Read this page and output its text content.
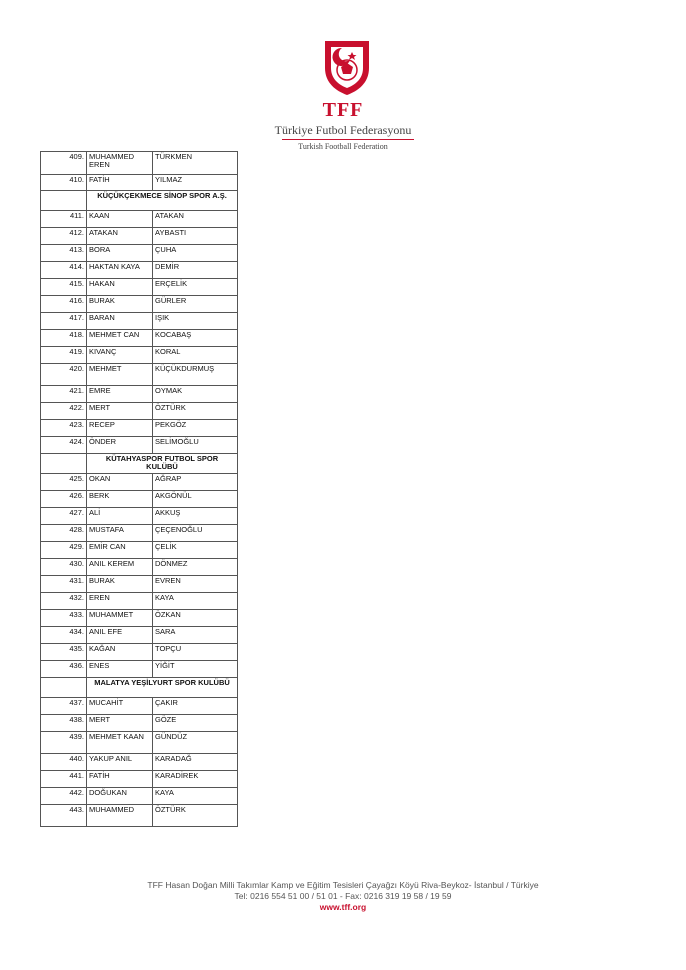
TFF
Türkiye Futbol Federasyonu
Turkish Football Federation
409.	MUHAMMED EREN	TÜRKMEN
410.	FATİH	YILMAZ
	KÜÇÜKÇEKMECE SİNOP SPOR A.Ş.	
411.	KAAN	ATAKAN
412.	ATAKAN	AYBASTI
413.	BORA	ÇUHA
414.	HAKTAN KAYA	DEMİR
415.	HAKAN	ERÇELİK
416.	BURAK	GÜRLER
417.	BARAN	IŞIK
418.	MEHMET CAN	KOCABAŞ
419.	KIVANÇ	KORAL
420.	MEHMET	KÜÇÜKDURMUŞ
421.	EMRE	OYMAK
422.	MERT	ÖZTÜRK
423.	RECEP	PEKGÖZ
424.	ÖNDER	SELİMOĞLU
	KÜTAHYASPOR FUTBOL SPOR KULÜBÜ	
425.	OKAN	AĞRAP
426.	BERK	AKGÖNÜL
427.	ALİ	AKKUŞ
428.	MUSTAFA	ÇEÇENOĞLU
429.	EMİR CAN	ÇELİK
430.	ANIL KEREM	DÖNMEZ
431.	BURAK	EVREN
432.	EREN	KAYA
433.	MUHAMMET	ÖZKAN
434.	ANIL EFE	SARA
435.	KAĞAN	TOPÇU
436.	ENES	YİĞİT
	MALATYA YEŞİLYURT SPOR KULÜBÜ	
437.	MUCAHİT	ÇAKIR
438.	MERT	GÖZE
439.	MEHMET KAAN	GÜNDÜZ
440.	YAKUP ANIL	KARADAĞ
441.	FATİH	KARADİREK
442.	DOĞUKAN	KAYA
443.	MUHAMMED	ÖZTÜRK
TFF Hasan Doğan Milli Takımlar Kamp ve Eğitim Tesisleri Çayağzı Köyü Riva-Beykoz- İstanbul / Türkiye
Tel: 0216 554 51 00 / 51 01 - Fax: 0216 319 19 58 / 19 59
www.tff.org
